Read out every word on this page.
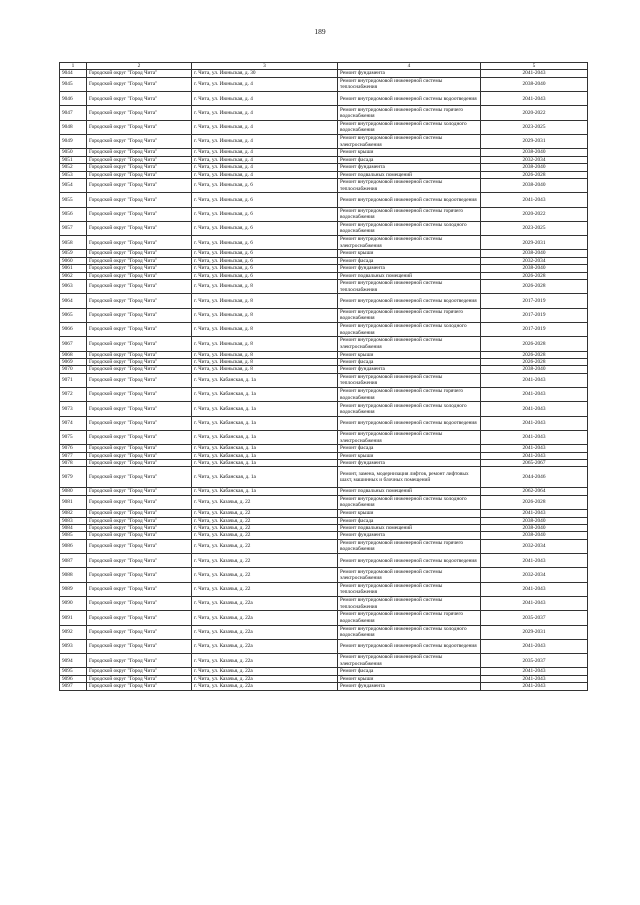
189
1	2	3	4	5
9044	Городской округ "Город Чита"	г. Чита, ул. Июньская, д. 30	Ремонт фундамента	2041-2043
9045	Городской округ "Город Чита"	г. Чита, ул. Июньская, д. 4	Ремонт внутридомовой инженерной системы теплоснабжения	2038-2040
9046	Городской округ "Город Чита"	г. Чита, ул. Июньская, д. 4	Ремонт внутридомовой инженерной системы водоотведения	2041-2043
9047	Городской округ "Город Чита"	г. Чита, ул. Июньская, д. 4	Ремонт внутридомовой инженерной системы горячего водоснабжения	2020-2022
9048	Городской округ "Город Чита"	г. Чита, ул. Июньская, д. 4	Ремонт внутридомовой инженерной системы холодного водоснабжения	2023-2025
9049	Городской округ "Город Чита"	г. Чита, ул. Июньская, д. 4	Ремонт внутридомовой инженерной системы электроснабжения	2029-2031
9050	Городской округ "Город Чита"	г. Чита, ул. Июньская, д. 4	Ремонт крыши	2038-2040
9051	Городской округ "Город Чита"	г. Чита, ул. Июньская, д. 4	Ремонт фасада	2032-2034
9052	Городской округ "Город Чита"	г. Чита, ул. Июньская, д. 4	Ремонт фундамента	2038-2040
9053	Городской округ "Город Чита"	г. Чита, ул. Июньская, д. 4	Ремонт подвальных помещений	2026-2028
9054	Городской округ "Город Чита"	г. Чита, ул. Июньская, д. 6	Ремонт внутридомовой инженерной системы теплоснабжения	2038-2040
9055	Городской округ "Город Чита"	г. Чита, ул. Июньская, д. 6	Ремонт внутридомовой инженерной системы водоотведения	2041-2043
9056	Городской округ "Город Чита"	г. Чита, ул. Июньская, д. 6	Ремонт внутридомовой инженерной системы горячего водоснабжения	2020-2022
9057	Городской округ "Город Чита"	г. Чита, ул. Июньская, д. 6	Ремонт внутридомовой инженерной системы холодного водоснабжения	2023-2025
9058	Городской округ "Город Чита"	г. Чита, ул. Июньская, д. 6	Ремонт внутридомовой инженерной системы электроснабжения	2029-2031
9059	Городской округ "Город Чита"	г. Чита, ул. Июньская, д. 6	Ремонт крыши	2038-2040
9060	Городской округ "Город Чита"	г. Чита, ул. Июньская, д. 6	Ремонт фасада	2032-2034
9061	Городской округ "Город Чита"	г. Чита, ул. Июньская, д. 6	Ремонт фундамента	2038-2040
9062	Городской округ "Город Чита"	г. Чита, ул. Июньская, д. 6	Ремонт подвальных помещений	2026-2028
9063	Городской округ "Город Чита"	г. Чита, ул. Июньская, д. 8	Ремонт внутридомовой инженерной системы теплоснабжения	2026-2028
9064	Городской округ "Город Чита"	г. Чита, ул. Июньская, д. 8	Ремонт внутридомовой инженерной системы водоотведения	2017-2019
9065	Городской округ "Город Чита"	г. Чита, ул. Июньская, д. 8	Ремонт внутридомовой инженерной системы горячего водоснабжения	2017-2019
9066	Городской округ "Город Чита"	г. Чита, ул. Июньская, д. 8	Ремонт внутридомовой инженерной системы холодного водоснабжения	2017-2019
9067	Городской округ "Город Чита"	г. Чита, ул. Июньская, д. 8	Ремонт внутридомовой инженерной системы электроснабжения	2026-2028
9068	Городской округ "Город Чита"	г. Чита, ул. Июньская, д. 8	Ремонт крыши	2026-2028
9069	Городской округ "Город Чита"	г. Чита, ул. Июньская, д. 8	Ремонт фасада	2026-2028
9070	Городской округ "Город Чита"	г. Чита, ул. Июньская, д. 8	Ремонт фундамента	2038-2040
9071	Городской округ "Город Чита"	г. Чита, ул. Кабанская, д. 1а	Ремонт внутридомовой инженерной системы теплоснабжения	2041-2043
9072	Городской округ "Город Чита"	г. Чита, ул. Кабанская, д. 1а	Ремонт внутридомовой инженерной системы горячего водоснабжения	2041-2043
9073	Городской округ "Город Чита"	г. Чита, ул. Кабанская, д. 1а	Ремонт внутридомовой инженерной системы холодного водоснабжения	2041-2043
9074	Городской округ "Город Чита"	г. Чита, ул. Кабанская, д. 1а	Ремонт внутридомовой инженерной системы водоотведения	2041-2043
9075	Городской округ "Город Чита"	г. Чита, ул. Кабанская, д. 1а	Ремонт внутридомовой инженерной системы электроснабжения	2041-2043
9076	Городской округ "Город Чита"	г. Чита, ул. Кабанская, д. 1а	Ремонт фасада	2041-2043
9077	Городской округ "Город Чита"	г. Чита, ул. Кабанская, д. 1а	Ремонт крыши	2041-2043
9078	Городской округ "Город Чита"	г. Чита, ул. Кабанская, д. 1а	Ремонт фундамента	2065-2067
9079	Городской округ "Город Чита"	г. Чита, ул. Кабанская, д. 1а	Ремонт, замена, модернизация лифтов, ремонт лифтовых шахт, машинных и блочных помещений	2044-2046
9080	Городской округ "Город Чита"	г. Чита, ул. Кабанская, д. 1а	Ремонт подвальных помещений	2062-2064
9081	Городской округ "Город Чита"	г. Чита, ул. Казачья, д. 22	Ремонт внутридомовой инженерной системы холодного водоснабжения	2026-2028
9082	Городской округ "Город Чита"	г. Чита, ул. Казачья, д. 22	Ремонт крыши	2041-2043
9083	Городской округ "Город Чита"	г. Чита, ул. Казачья, д. 22	Ремонт фасада	2038-2040
9084	Городской округ "Город Чита"	г. Чита, ул. Казачья, д. 22	Ремонт подвальных помещений	2038-2040
9085	Городской округ "Город Чита"	г. Чита, ул. Казачья, д. 22	Ремонт фундамента	2038-2040
9086	Городской округ "Город Чита"	г. Чита, ул. Казачья, д. 22	Ремонт внутридомовой инженерной системы горячего водоснабжения	2032-2034
9087	Городской округ "Город Чита"	г. Чита, ул. Казачья, д. 22	Ремонт внутридомовой инженерной системы водоотведения	2041-2043
9088	Городской округ "Город Чита"	г. Чита, ул. Казачья, д. 22	Ремонт внутридомовой инженерной системы электроснабжения	2032-2034
9089	Городской округ "Город Чита"	г. Чита, ул. Казачья, д. 22	Ремонт внутридомовой инженерной системы теплоснабжения	2041-2043
9090	Городской округ "Город Чита"	г. Чита, ул. Казачья, д. 22а	Ремонт внутридомовой инженерной системы теплоснабжения	2041-2043
9091	Городской округ "Город Чита"	г. Чита, ул. Казачья, д. 22а	Ремонт внутридомовой инженерной системы горячего водоснабжения	2035-2037
9092	Городской округ "Город Чита"	г. Чита, ул. Казачья, д. 22а	Ремонт внутридомовой инженерной системы холодного водоснабжения	2029-2031
9093	Городской округ "Город Чита"	г. Чита, ул. Казачья, д. 22а	Ремонт внутридомовой инженерной системы водоотведения	2041-2043
9094	Городской округ "Город Чита"	г. Чита, ул. Казачья, д. 22а	Ремонт внутридомовой инженерной системы электроснабжения	2035-2037
9095	Городской округ "Город Чита"	г. Чита, ул. Казачья, д. 22а	Ремонт фасада	2041-2043
9096	Городской округ "Город Чита"	г. Чита, ул. Казачья, д. 22а	Ремонт крыши	2041-2043
9097	Городской округ "Город Чита"	г. Чита, ул. Казачья, д. 22а	Ремонт фундамента	2041-2043
